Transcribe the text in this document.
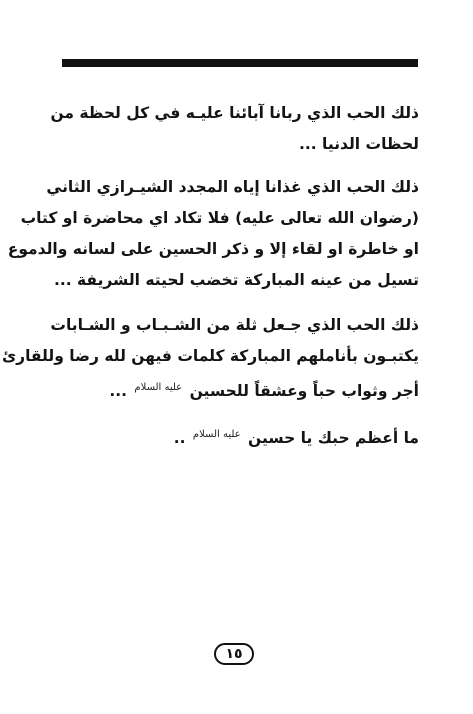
ذلك الحب الذي ربانا آبائنا عليـه في كل لحظة من
لحظات الدنيا ...
ذلك الحب الذي غذانا إياه المجدد الشيـرازي الثاني
(رضوان الله تعالى عليه) فلا تكاد اي محاضرة او كتاب
او خاطرة او لقاء إلا و ذكر الحسين على لسانه والدموع
تسيل من عينه المباركة تخضب لحيته الشريفة ...
ذلك الحب الذي جـعل ثلة من الشـبـاب و الشـابات
يكتبـون بأناملهم المباركة كلمات فيهن لله رضا وللقارئ
أجر وثواب حباً وعشقاً للحسين عليه السلام ...
ما أعظم حبك يا حسين عليه السلام ..
١٥
